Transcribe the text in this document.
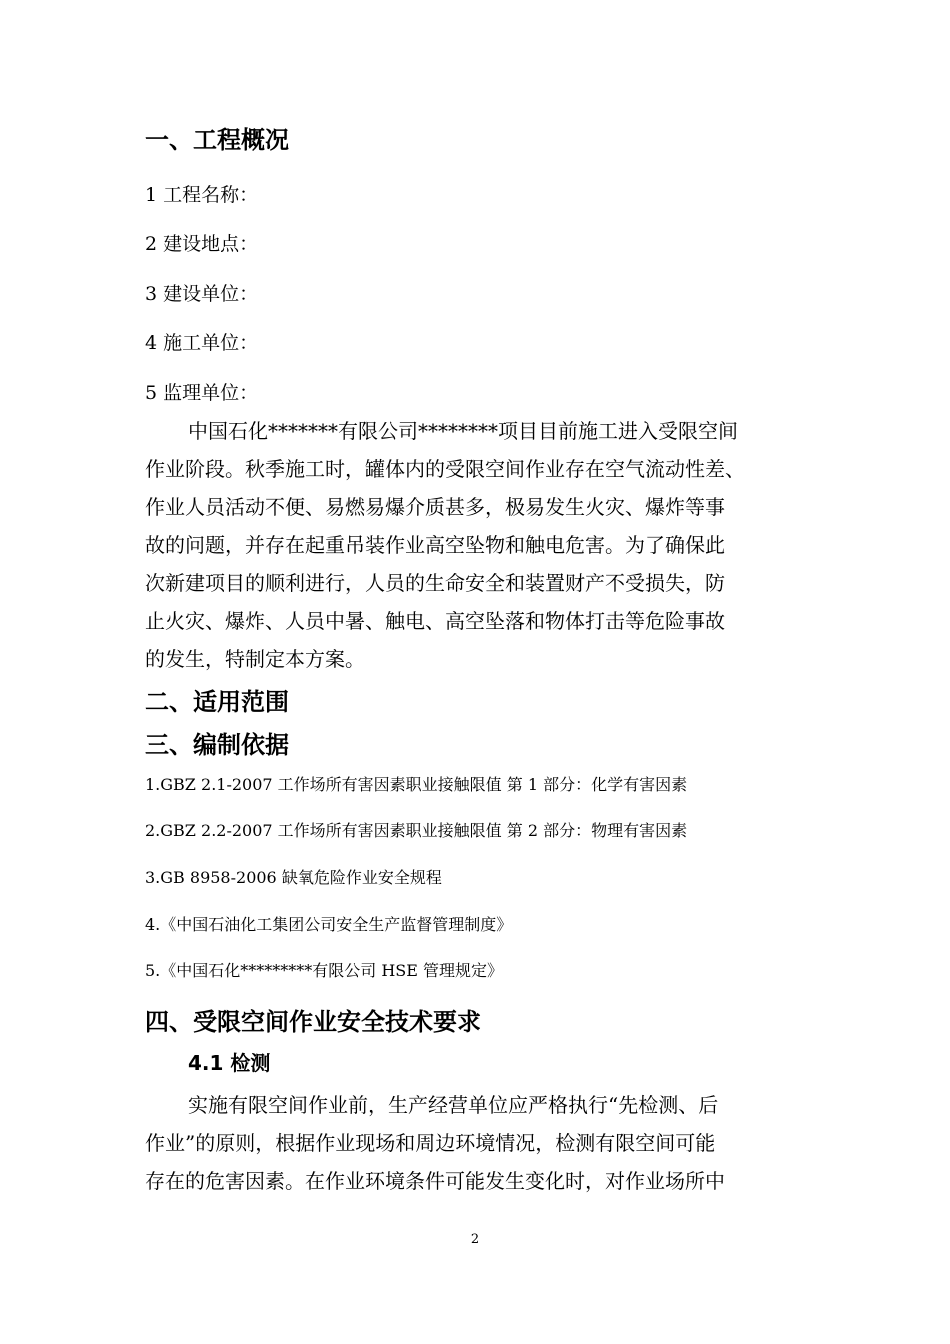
一、工程概况
1 工程名称：
2 建设地点：
3 建设单位：
4 施工单位：
5 监理单位：
中国石化*******有限公司********项目目前施工进入受限空间
作业阶段。秋季施工时，罐体内的受限空间作业存在空气流动性差、
作业人员活动不便、易燃易爆介质甚多，极易发生火灾、爆炸等事
故的问题，并存在起重吊装作业高空坠物和触电危害。为了确保此
次新建项目的顺利进行，人员的生命安全和装置财产不受损失，防
止火灾、爆炸、人员中暑、触电、高空坠落和物体打击等危险事故
的发生，特制定本方案。
二、适用范围
三、编制依据
1.GBZ 2.1-2007 工作场所有害因素职业接触限值 第 1 部分：化学有害因素
2.GBZ 2.2-2007 工作场所有害因素职业接触限值 第 2 部分：物理有害因素
3.GB 8958-2006 缺氧危险作业安全规程
4.《中国石油化工集团公司安全生产监督管理制度》
5.《中国石化*********有限公司 HSE 管理规定》
四、受限空间作业安全技术要求
4.1 检测
实施有限空间作业前，生产经营单位应严格执行“先检测、后
作业”的原则，根据作业现场和周边环境情况，检测有限空间可能
存在的危害因素。在作业环境条件可能发生变化时，对作业场所中
2
